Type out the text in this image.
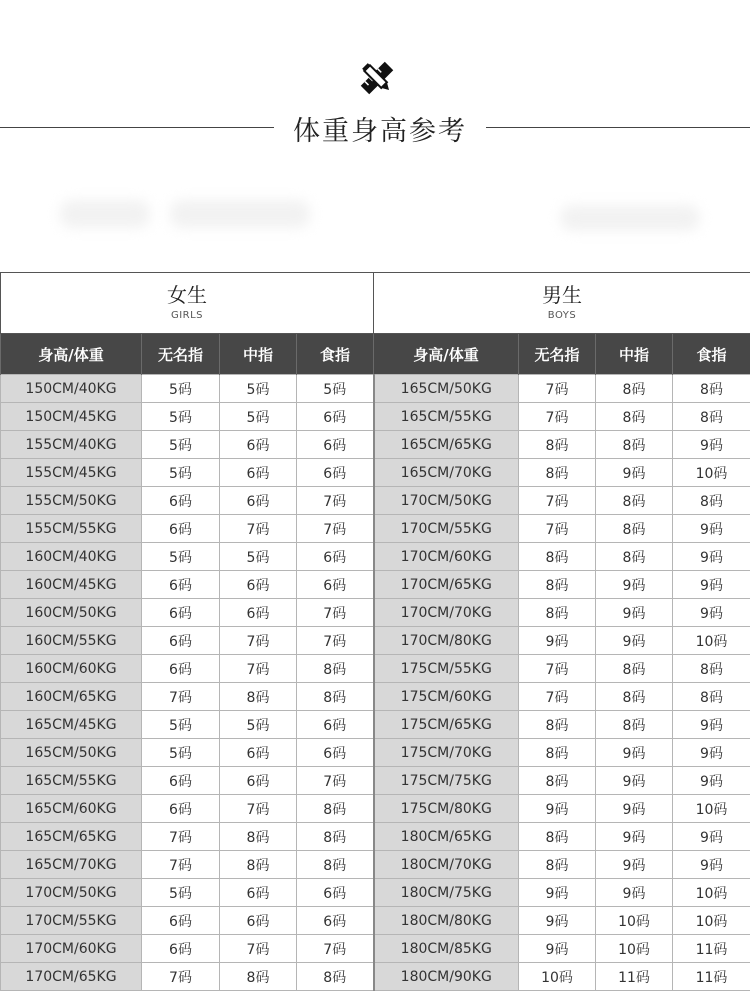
体重身高参考
女生
GIRLS				男生
BOYS			

身高/体重	无名指	中指	食指	身高/体重	无名指	中指	食指
150CM/40KG	5码	5码	5码	165CM/50KG	7码	8码	8码
150CM/45KG	5码	5码	6码	165CM/55KG	7码	8码	8码
155CM/40KG	5码	6码	6码	165CM/65KG	8码	8码	9码
155CM/45KG	5码	6码	6码	165CM/70KG	8码	9码	10码
155CM/50KG	6码	6码	7码	170CM/50KG	7码	8码	8码
155CM/55KG	6码	7码	7码	170CM/55KG	7码	8码	9码
160CM/40KG	5码	5码	6码	170CM/60KG	8码	8码	9码
160CM/45KG	6码	6码	6码	170CM/65KG	8码	9码	9码
160CM/50KG	6码	6码	7码	170CM/70KG	8码	9码	9码
160CM/55KG	6码	7码	7码	170CM/80KG	9码	9码	10码
160CM/60KG	6码	7码	8码	175CM/55KG	7码	8码	8码
160CM/65KG	7码	8码	8码	175CM/60KG	7码	8码	8码
165CM/45KG	5码	5码	6码	175CM/65KG	8码	8码	9码
165CM/50KG	5码	6码	6码	175CM/70KG	8码	9码	9码
165CM/55KG	6码	6码	7码	175CM/75KG	8码	9码	9码
165CM/60KG	6码	7码	8码	175CM/80KG	9码	9码	10码
165CM/65KG	7码	8码	8码	180CM/65KG	8码	9码	9码
165CM/70KG	7码	8码	8码	180CM/70KG	8码	9码	9码
170CM/50KG	5码	6码	6码	180CM/75KG	9码	9码	10码
170CM/55KG	6码	6码	6码	180CM/80KG	9码	10码	10码
170CM/60KG	6码	7码	7码	180CM/85KG	9码	10码	11码
170CM/65KG	7码	8码	8码	180CM/90KG	10码	11码	11码
